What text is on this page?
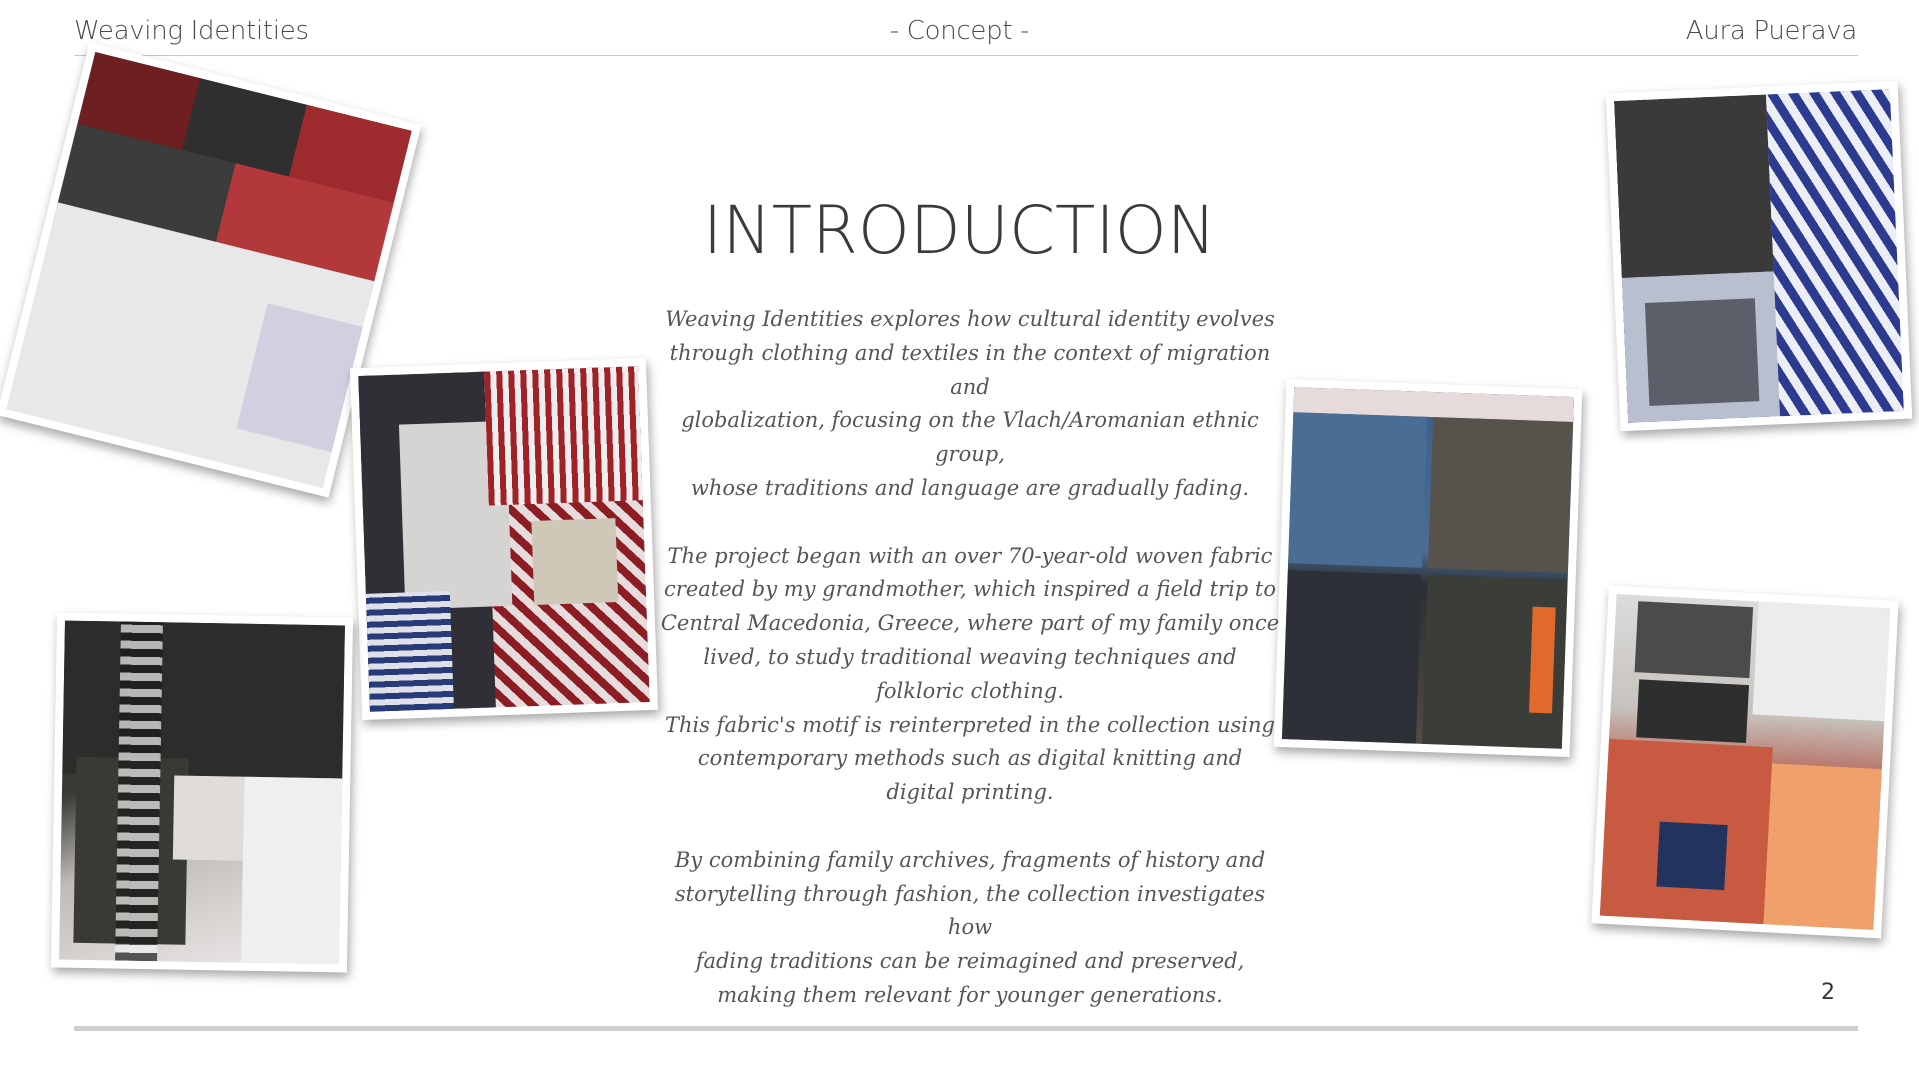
Weaving Identities	- Concept -	Aura Puerava
INTRODUCTION

Weaving Identities explores how cultural identity evolves

through clothing and textiles in the context of migration and

globalization, focusing on the Vlach/Aromanian ethnic group,

whose traditions and language are gradually fading.

The project began with an over 70-year-old woven fabric

created by my grandmother, which inspired a field trip to

Central Macedonia, Greece, where part of my family once

lived, to study traditional weaving techniques and

folkloric clothing.

This fabric's motif is reinterpreted in the collection using

contemporary methods such as digital knitting and

digital printing.

By combining family archives, fragments of history and

storytelling through fashion, the collection investigates how

fading traditions can be reimagined and preserved,

making them relevant for younger generations.	2
